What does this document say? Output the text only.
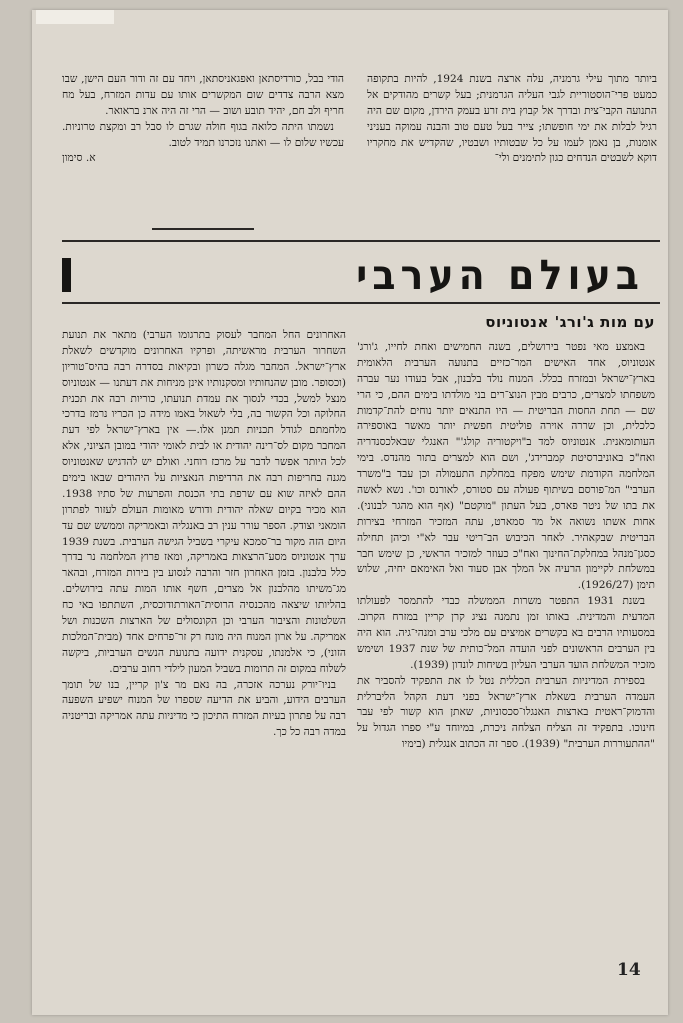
ביותר מתוך עילי גרמניה, עלה ארצה בשנת 1924, להיות בתקופה כמעט פרי־הוסטוריית לגבי העליה הגרמנית; בעל קשרים מהודקים אל התנועה הקבי־צית ובדרך אל קבוץ בית זרע בעמק הירדן, מקום שם היה רגיל לבלות את ימי חופשתו; צייר בעל טעם טוב והבנה עמוקה בעניני אומנות, בן נאמן לעמו על כל שבטותיו ושבטיו, שהקדיש את מחקריו דוקא לשבטים הנדחים כגון לתימנים ולי־

הודי בבל, כורדיסתאן ואפגאניסתאן, ויחד עם זה ודור העם הישן, שבו מצא הרבה צדדים שום המקשרים אותו עם עדות המזרח, בעל מח חריף ולב חם, יהיד תובע ושוב — הרי זה היה ארנ בראואר.

נשמתו היתה כלואה בגוף חולה שגרם לו סבל רב ומקצת טרוניות. עכשיו שלום לו — ואתנו נזכרנו תמיד לטוב.

א. סימון
בעולם הערבי
עם מות ג'ורג' אנטוניוס

באמצע מאי נפטר בירושלים, בשנה החמישים ואחת לחייו, ג'ורג' אנטוניוס, אחד האישים המר־כזיים בתנועה הערבית הלאומית בארץ־ישראל ובמזרח בכלל. המנוח נולד בלבנון, אבל בעודו נער עברה משפחתו למצרים, כרבים מבין הנוצ־רים בני מולדתו בימים ההם, כי הרי שם — תחת החסות הבריטית — היו התנאים יותר נוחים להת־קדמות כלכלית, וכן שררה אוירה פוליטית חפשית יותר מאשר באוספירה העותומאנית. אנטוניוס למד ב"ויקטוריה קולג'" האנגלי שבאלכסנדריה ואח"כ באוניברסיטת קמברידג', ושם הוא למצרים בתור מהנדס. בימי המלחמה הקודמת שימש מפקח במחלקת התעמולה וכן עבד ב"משרד הערבי" המ־פורסם בשיתוף פעולה עם סטורס, לאורנס וכו'. נשא לאשה את בתו של ניטר פארס, בעל העתון "מוקטם" (אף הוא מהגר לבנוני). אחות אשתו נשואה אל מר סמארט, עתה המזכיר המזרחי בצירות הבריטית שבקאהיר. לאחר הכיבוש הב־ריטי עבר לא"י וכיהן תחילה כסגן־מנהל במחלקת־החינוך ואח"כ כעוזר למזכיר הראשי, כן שימש חבר במשלחת לקיימון הרעיה אל המלך אבן סעוד ואל האימאם יחיה, שלוש תימן (1926/27).

בשנת 1931 התפטר משרות הממשלה כבדי להתמסר לפעולתו המדעית והמדינית. באותו זמן נתמנה נציג קרן קריין במזרח הקרוב. במסעותיו הרבים בא בקשרים אמיצים עם מלכי ערב ומנהי־גיה. הוא היה בין הערבים הראשונים לפני הועדה המל־כותית של שנת 1937 ושימש מזכיר המשלחת הועד הערבי העליון בשיחות לונדון (1939).

בספירת המדיניות הערבית הכללית נטל לו את התפקיד להסביר את העמדה הערבית בשאלת ארץ־ישראל בפני דעת הקהל הליברלית והדמוק־ראטית בארצות האנגלו־סכסוניות, שאתן הוא קשור לפי עבר חינוכו. בתפקיד זה הצליח הצלחה ניכרת, במיוחד ע"י ספרו הגדול על "ההתעוררות הערבית" (1939). ספר זה הכתוב אנגלית (בימיו

האחרונים החל המחבר לעסוק בתרגומו הערבי) מתאר את תנועת השחרור הערבית מראשיתה, ופרקיו האחרונים מוקדשים לשאלת ארץ־ישראל. המחבר מגלה כשרון ובקיאות בסדרה רבה בהיס־טוריון (וכסופר. מובן שהנחותיו ומסקנותיו אינן מניחות את דעתנו — אנטוניוס מנצל למשל, בכדי לנסוך את עמדת תנועתו, כוריות רבה את תכנית החלוקה וכל הקשור בה, בלי לשאול באמו מידה כן הכריו נרמז בדרכי מלחמתם לגודל תכניות תמנן אלו.— אין בארץ־ישראל לפי דעת המחבר מקום לס־רינה יהודית או לבית לאומי יהודי במובן הציוני, אלא לכל היותר אפשר לדבר על מרכז רוחני. ואולם יש להדגיש שאנטוניוס מגנה בחריפות רבה את הרדיפות הנאציות על היהודים שבאו בימים ההם לאיזה שוא עם שרפת בתי הכנסת והפרעות של סתיו 1938. הוא מכיר בקיום שאלה יהודית ודורש מאומות העולם לעזור לפתרון הומאני וצודק. הספר עורר ענין רב באנגליה ובאמריקה וממשש שם עד היום הזה מקור בר־סמכא עיקרי בשביל הגישה הערבית. בשנת 1939 ערך אנטוניוס מסע־הרצאות באמריקה, ומאז פרוץ המלחמה נר בדרך כלל בלבנון. בזמן האחרון חזר והרבה לנסוע בין בירות המזרח, ובהאר מג־משיתו מהלבנון אל מצרים, חשף אותו המות עתה בירושלים. בהליותו שיצאה מהכנסיה הרוסית־האורתודוכסית, השתתפו באי כח השלטונות והציבור הערבי וכן הקונסולים של הארצות השכנות ושל אמריקה. על ארון המנוח היה מונח רק זר־פרחים אחד (מבית־המלכות הזוני), כי אלמנתו, עסקנית ידועה בתנועת הנשים הערביות, ביקשה לשלוח במקום זה תרומות בשביל המעון לילדי רחוב ערבים.

בניו־יורק נערכה אזכרה, בה נאם מר צ'ון קריין, בנו של תומך הערבים הידוע, והביע את הדיעה שספרו של המנוח ישפיע השפעה רבה על פתרון בעיות המזרח התיכון כי מדיניות עתה אמריקה ובריטניה במדה רבה כל כך.

14
